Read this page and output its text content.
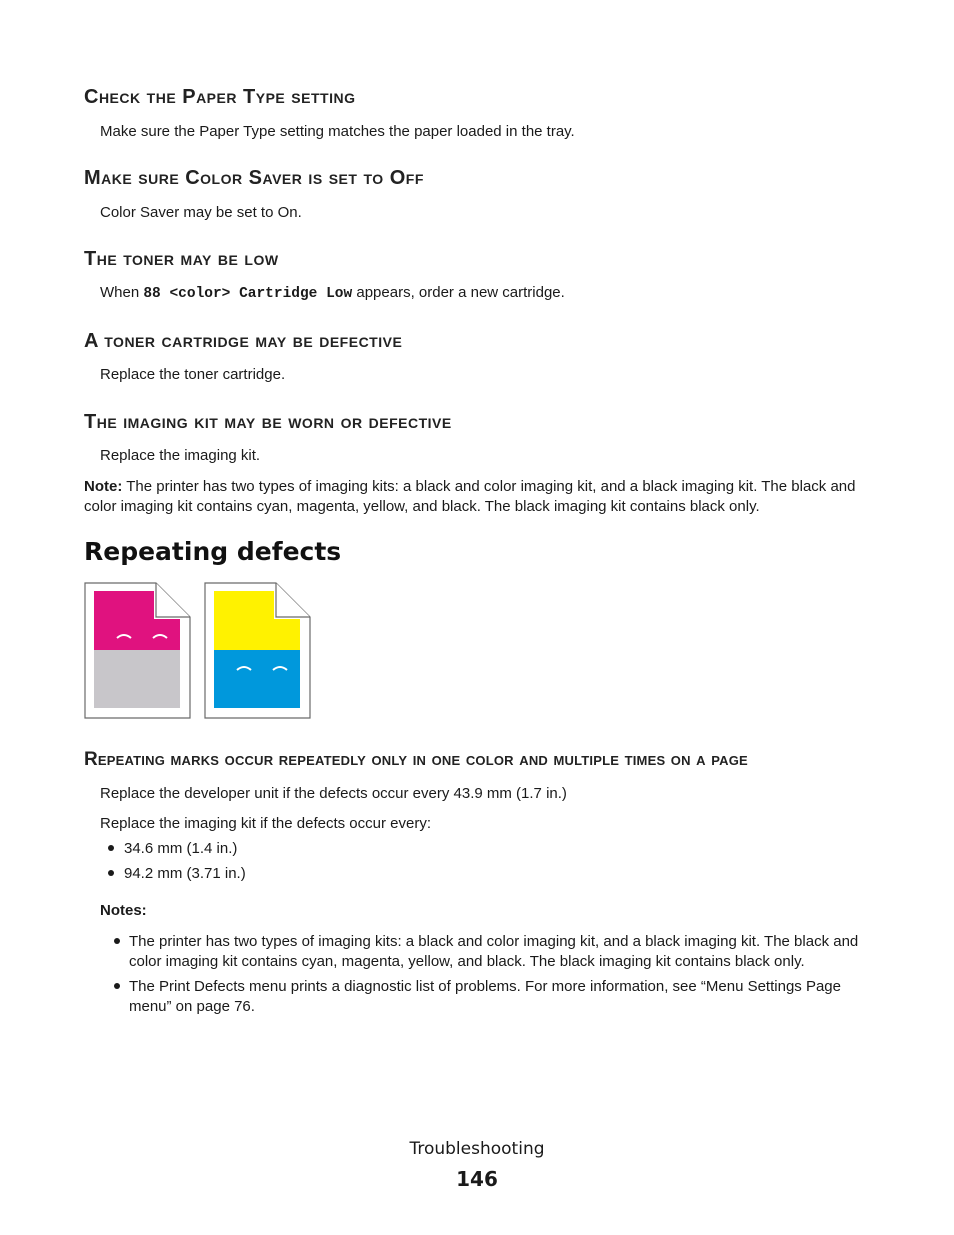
Check the Paper Type setting

Make sure the Paper Type setting matches the paper loaded in the tray.

Make sure Color Saver is set to Off

Color Saver may be set to On.

The toner may be low

When 88 <color> Cartridge Low appears, order a new cartridge.

A toner cartridge may be defective

Replace the toner cartridge.

The imaging kit may be worn or defective

Replace the imaging kit.

Note: The printer has two types of imaging kits: a black and color imaging kit, and a black imaging kit. The black and color imaging kit contains cyan, magenta, yellow, and black. The black imaging kit contains black only.

Repeating defects
Repeating marks occur repeatedly only in one color and multiple times on a page

Replace the developer unit if the defects occur every 43.9 mm (1.7 in.)

Replace the imaging kit if the defects occur every:

34.6 mm (1.4 in.)

94.2 mm (3.71 in.)

Notes:

The printer has two types of imaging kits: a black and color imaging kit, and a black imaging kit. The black and color imaging kit contains cyan, magenta, yellow, and black. The black imaging kit contains black only.

The Print Defects menu prints a diagnostic list of problems. For more information, see “Menu Settings Page menu” on page 76.

Troubleshooting
146
